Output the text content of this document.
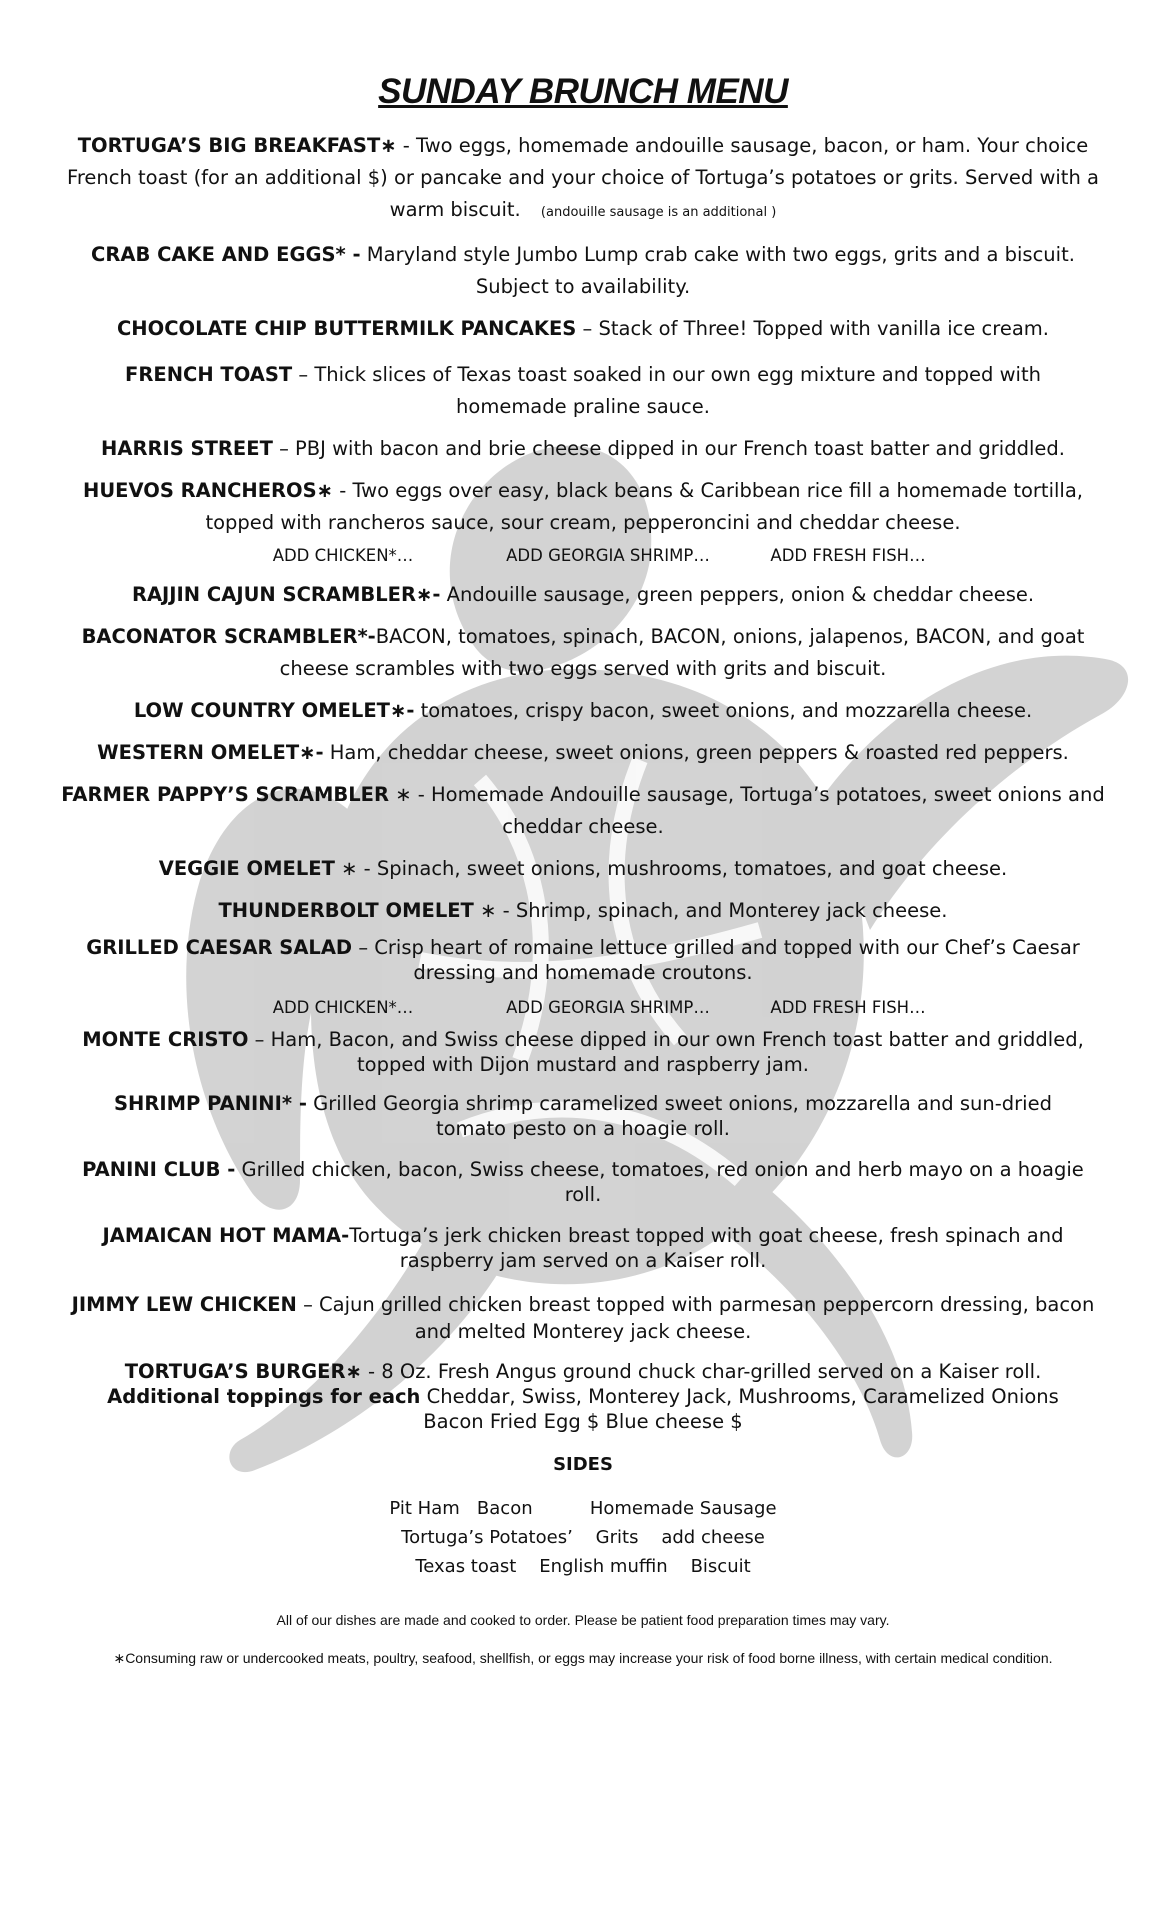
SUNDAY BRUNCH MENU
TORTUGA’S BIG BREAKFAST∗ - Two eggs, homemade andouille sausage, bacon, or ham. Your choice French toast (for an additional $) or pancake and your choice of Tortuga’s potatoes or grits. Served with a warm biscuit. (andouille sausage is an additional )
CRAB CAKE AND EGGS* - Maryland style Jumbo Lump crab cake with two eggs, grits and a biscuit. Subject to availability.
CHOCOLATE CHIP BUTTERMILK PANCAKES – Stack of Three! Topped with vanilla ice cream.
FRENCH TOAST – Thick slices of Texas toast soaked in our own egg mixture and topped with homemade praline sauce.
HARRIS STREET – PBJ with bacon and brie cheese dipped in our French toast batter and griddled.
HUEVOS RANCHEROS∗ - Two eggs over easy, black beans & Caribbean rice fill a homemade tortilla, topped with rancheros sauce, sour cream, pepperoncini and cheddar cheese.
ADD CHICKEN*…	ADD GEORGIA SHRIMP…	ADD FRESH FISH…
RAJJIN CAJUN SCRAMBLER∗- Andouille sausage, green peppers, onion & cheddar cheese.
BACONATOR SCRAMBLER*-BACON, tomatoes, spinach, BACON, onions, jalapenos, BACON, and goat cheese scrambles with two eggs served with grits and biscuit.
LOW COUNTRY OMELET∗- tomatoes, crispy bacon, sweet onions, and mozzarella cheese.
WESTERN OMELET∗- Ham, cheddar cheese, sweet onions, green peppers & roasted red peppers.
FARMER PAPPY’S SCRAMBLER ∗ - Homemade Andouille sausage, Tortuga’s potatoes, sweet onions and cheddar cheese.
VEGGIE OMELET ∗ - Spinach, sweet onions, mushrooms, tomatoes, and goat cheese.
THUNDERBOLT OMELET ∗ - Shrimp, spinach, and Monterey jack cheese.
GRILLED CAESAR SALAD – Crisp heart of romaine lettuce grilled and topped with our Chef’s Caesar dressing and homemade croutons.
ADD CHICKEN*…	ADD GEORGIA SHRIMP…	ADD FRESH FISH…
MONTE CRISTO – Ham, Bacon, and Swiss cheese dipped in our own French toast batter and griddled, topped with Dijon mustard and raspberry jam.
SHRIMP PANINI* - Grilled Georgia shrimp caramelized sweet onions, mozzarella and sun-dried tomato pesto on a hoagie roll.
PANINI CLUB - Grilled chicken, bacon, Swiss cheese, tomatoes, red onion and herb mayo on a hoagie roll.
JAMAICAN HOT MAMA-Tortuga’s jerk chicken breast topped with goat cheese, fresh spinach and raspberry jam served on a Kaiser roll.
JIMMY LEW CHICKEN – Cajun grilled chicken breast topped with parmesan peppercorn dressing, bacon and melted Monterey jack cheese.
TORTUGA’S BURGER∗ - 8 Oz. Fresh Angus ground chuck char-grilled served on a Kaiser roll.
Additional toppings for each Cheddar, Swiss, Monterey Jack, Mushrooms, Caramelized Onions Bacon Fried Egg $ Blue cheese $
SIDES
Pit Ham   Bacon          Homemade Sausage
Tortuga’s Potatoes’    Grits    add cheese
Texas toast    English muffin    Biscuit
All of our dishes are made and cooked to order. Please be patient food preparation times may vary.
∗Consuming raw or undercooked meats, poultry, seafood, shellfish, or eggs may increase your risk of food borne illness, with certain medical condition.
